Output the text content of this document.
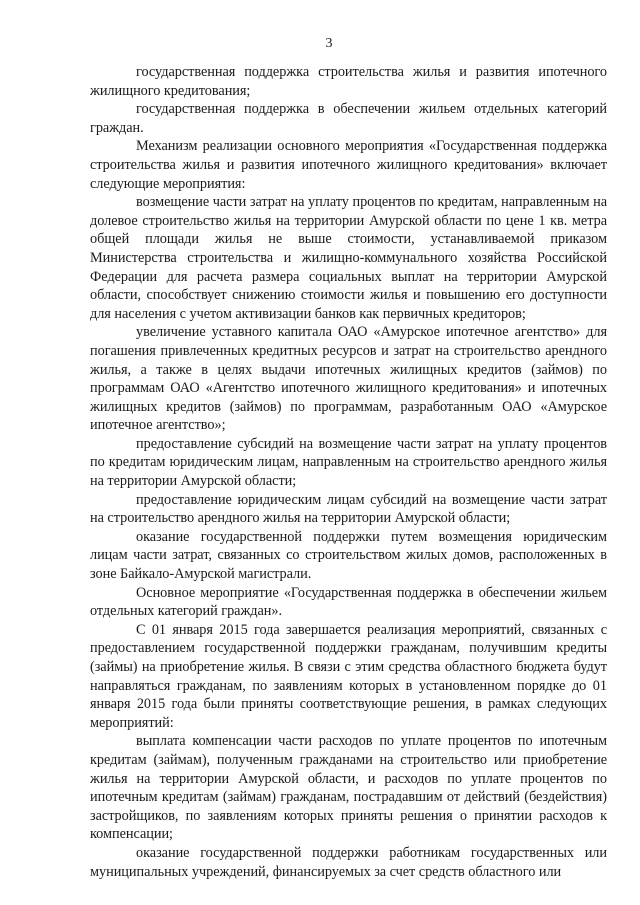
3

государственная поддержка строительства жилья и развития ипотечного жилищного кредитования;

государственная поддержка в обеспечении жильем отдельных категорий граждан.

Механизм реализации основного мероприятия «Государственная поддержка строительства жилья и развития ипотечного жилищного кредитования» включает следующие мероприятия:

возмещение части затрат на уплату процентов по кредитам, направленным на долевое строительство жилья на территории Амурской области по цене 1 кв. метра общей площади жилья не выше стоимости, устанавливаемой приказом Министерства строительства и жилищно-коммунального хозяйства Российской Федерации для расчета размера социальных выплат на территории Амурской области, способствует снижению стоимости жилья и повышению его доступности для населения с учетом активизации банков как первичных кредиторов;

увеличение уставного капитала ОАО «Амурское ипотечное агентство» для погашения привлеченных кредитных ресурсов и затрат на строительство арендного жилья, а также в целях выдачи ипотечных жилищных кредитов (займов) по программам ОАО «Агентство ипотечного жилищного кредитования» и ипотечных жилищных кредитов (займов) по программам, разработанным ОАО «Амурское ипотечное агентство»;

предоставление субсидий на возмещение части затрат на уплату процентов по кредитам юридическим лицам, направленным на строительство арендного жилья на территории Амурской области;

предоставление юридическим лицам субсидий на возмещение части затрат на строительство арендного жилья на территории Амурской области;

оказание государственной поддержки путем возмещения юридическим лицам части затрат, связанных со строительством жилых домов, расположенных в зоне Байкало-Амурской магистрали.

Основное мероприятие «Государственная поддержка в обеспечении жильем отдельных категорий граждан».

С 01 января 2015 года завершается реализация мероприятий, связанных с предоставлением государственной поддержки гражданам, получившим кредиты (займы) на приобретение жилья. В связи с этим средства областного бюджета будут направляться гражданам, по заявлениям которых в установленном порядке до 01 января 2015 года были приняты соответствующие решения, в рамках следующих мероприятий:

выплата компенсации части расходов по уплате процентов по ипотечным кредитам (займам), полученным гражданами на строительство или приобретение жилья на территории Амурской области, и расходов по уплате процентов по ипотечным кредитам (займам) гражданам, пострадавшим от действий (бездействия) застройщиков, по заявлениям которых приняты решения о принятии расходов к компенсации;

оказание государственной поддержки работникам государственных или муниципальных учреждений, финансируемых за счет средств областного или
